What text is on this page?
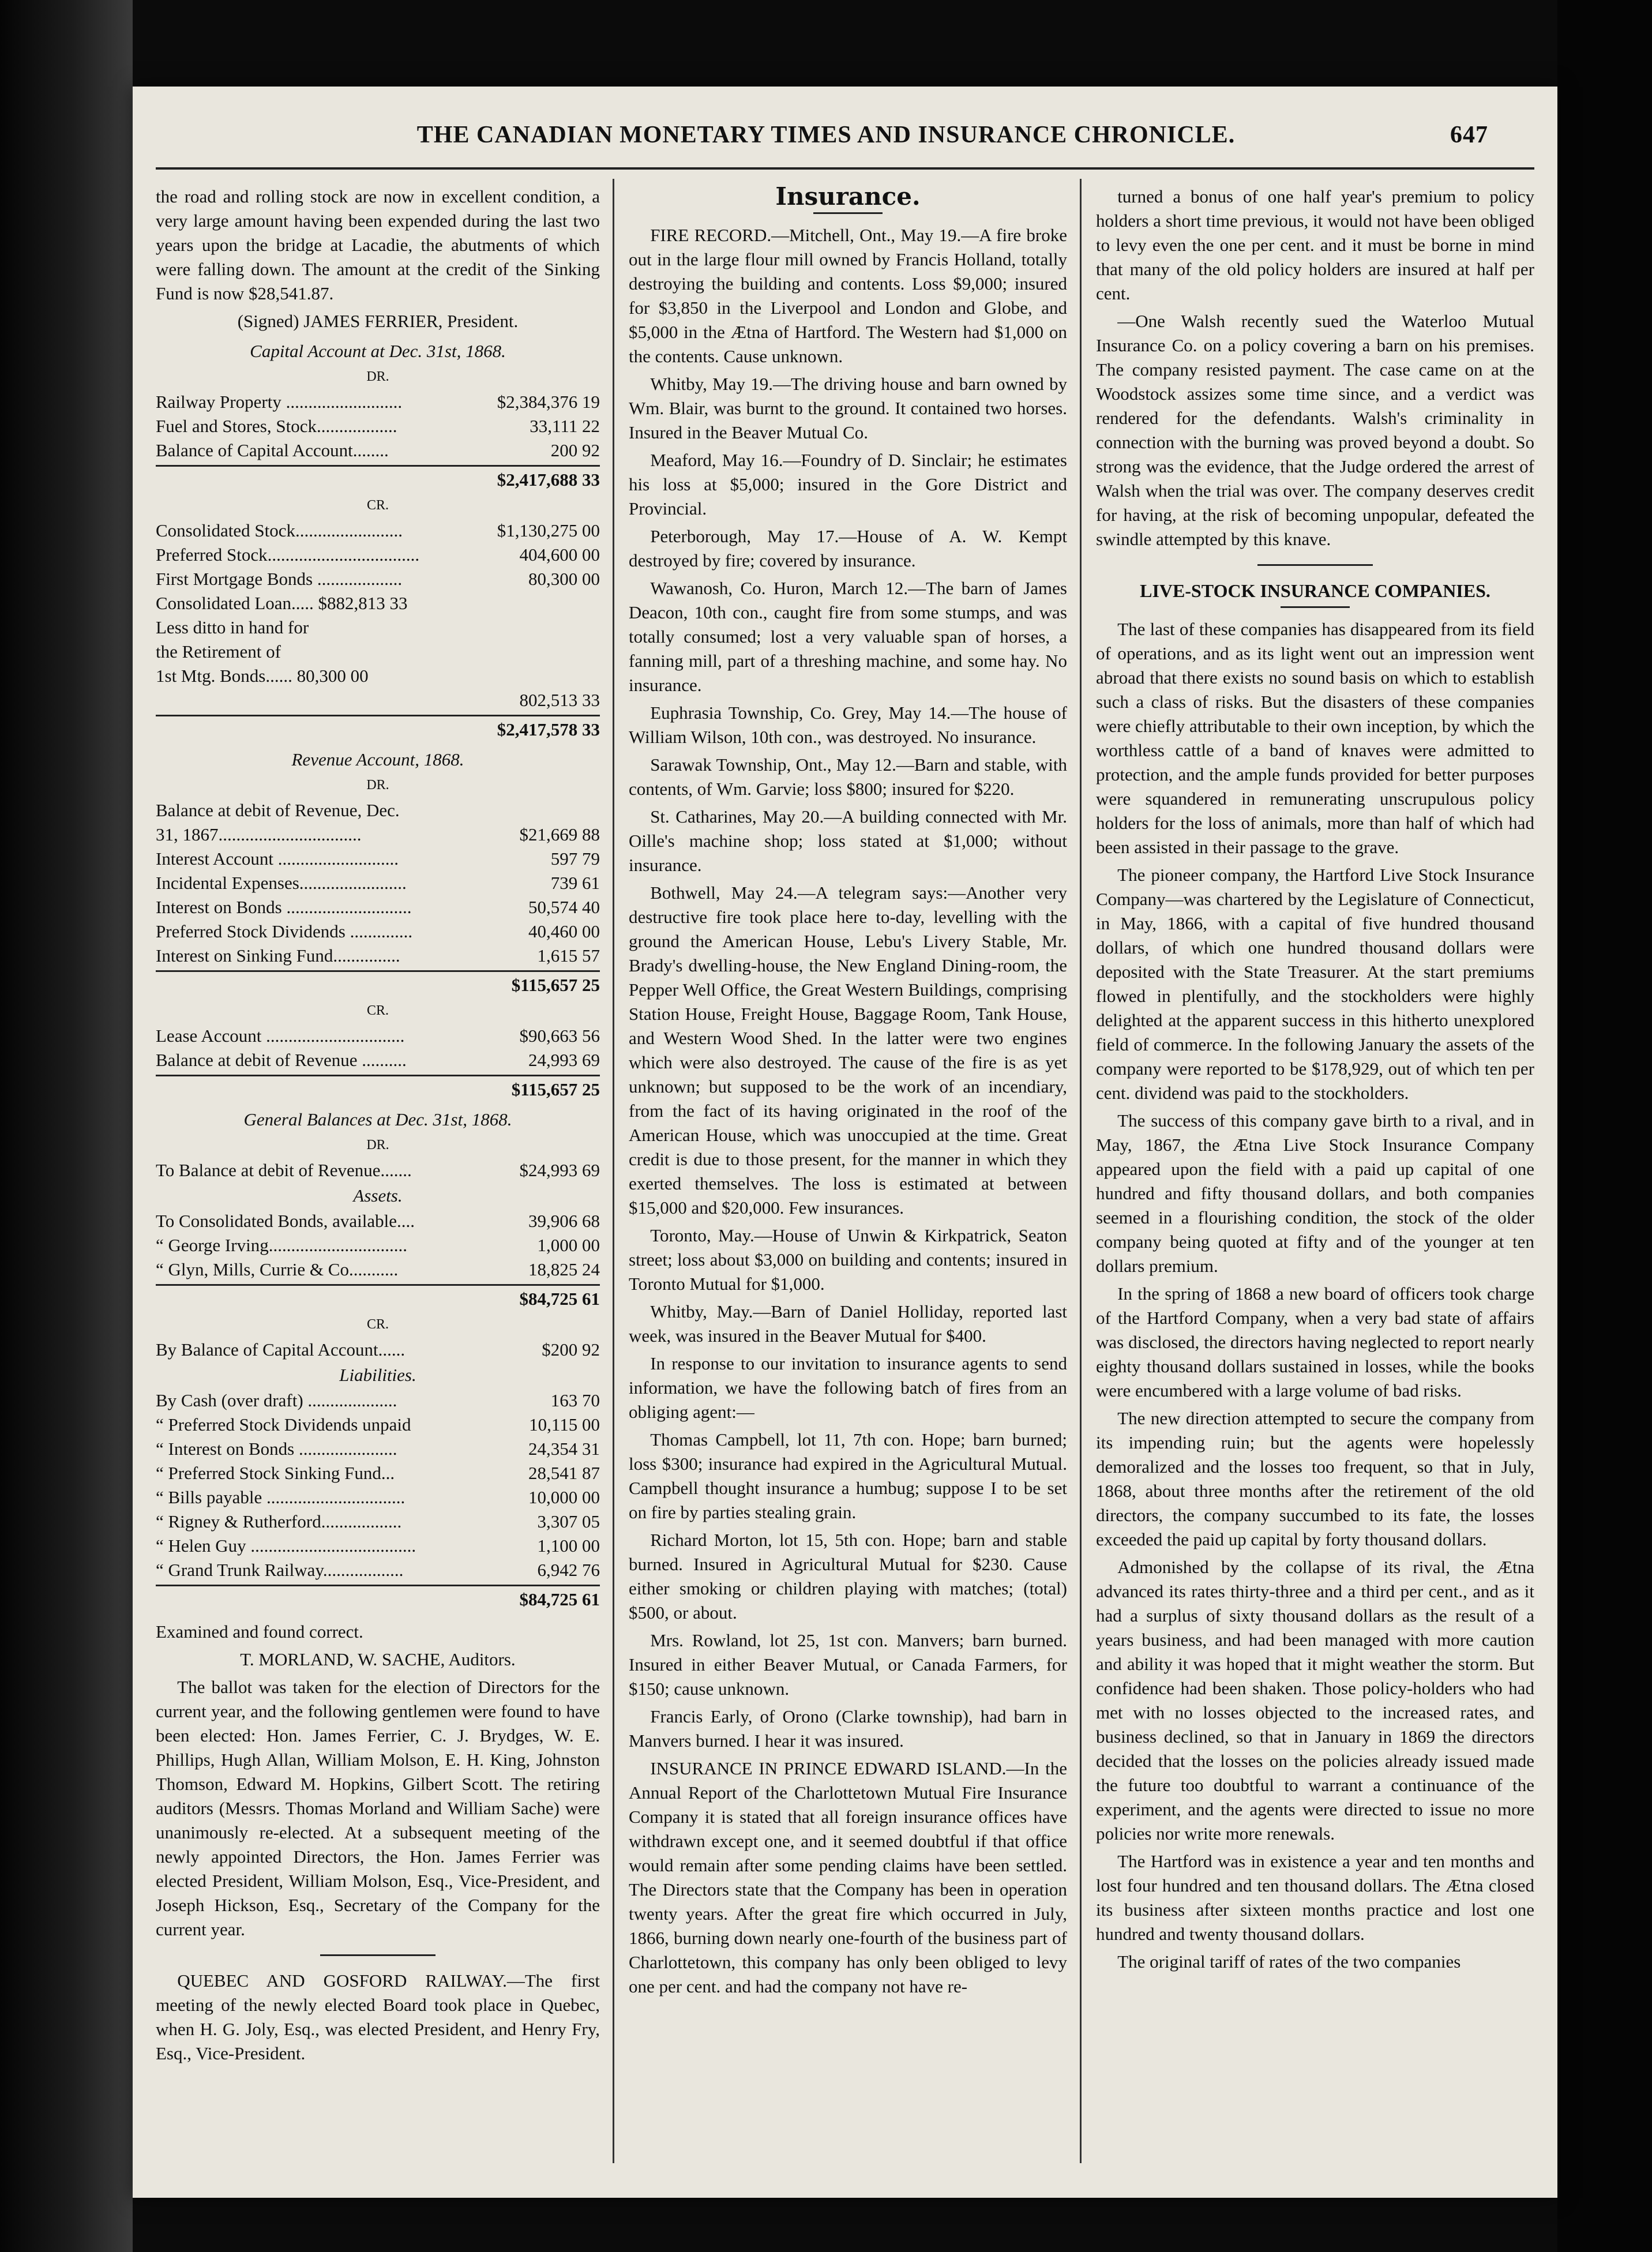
THE CANADIAN MONETARY TIMES AND INSURANCE CHRONICLE.	647

the road and rolling stock are now in excellent condition, a very large amount having been expended during the last two years upon the bridge at Lacadie, the abutments of which were falling down. The amount at the credit of the Sinking Fund is now $28,541.87.

(Signed) JAMES FERRIER, President.

Capital Account at Dec. 31st, 1868.
DR.
Railway Property ..........................	$2,384,376 19
Fuel and Stores, Stock..................	33,111 22
Balance of Capital Account........	200 92
$2,417,688 33
CR.
Consolidated Stock........................	$1,130,275 00
Preferred Stock..................................	404,600 00
First Mortgage Bonds ...................	80,300 00
Consolidated Loan..... $882,813 33
Less ditto in hand for
the Retirement of
1st Mtg. Bonds...... 80,300 00
802,513 33
$2,417,578 33
Revenue Account, 1868.
DR.
Balance at debit of Revenue, Dec.
31, 1867................................	$21,669 88
Interest Account ...........................	597 79
Incidental Expenses........................	739 61
Interest on Bonds ............................	50,574 40
Preferred Stock Dividends ..............	40,460 00
Interest on Sinking Fund...............	1,615 57
$115,657 25
CR.
Lease Account ...............................	$90,663 56
Balance at debit of Revenue ..........	24,993 69
$115,657 25
General Balances at Dec. 31st, 1868.
DR.
To Balance at debit of Revenue.......	$24,993 69
Assets.
To Consolidated Bonds, available....	39,906 68
“ George Irving...............................	1,000 00
“ Glyn, Mills, Currie & Co...........	18,825 24
$84,725 61
CR.
By Balance of Capital Account......	$200 92
Liabilities.
By Cash (over draft) ....................	163 70
“ Preferred Stock Dividends unpaid	10,115 00
“ Interest on Bonds ......................	24,354 31
“ Preferred Stock Sinking Fund...	28,541 87
“ Bills payable ...............................	10,000 00
“ Rigney & Rutherford..................	3,307 05
“ Helen Guy .....................................	1,100 00
“ Grand Trunk Railway..................	6,942 76
$84,725 61

Examined and found correct.

T. MORLAND, W. SACHE, Auditors.

The ballot was taken for the election of Directors for the current year, and the following gentlemen were found to have been elected: Hon. James Ferrier, C. J. Brydges, W. E. Phillips, Hugh Allan, William Molson, E. H. King, Johnston Thomson, Edward M. Hopkins, Gilbert Scott. The retiring auditors (Messrs. Thomas Morland and William Sache) were unanimously re-elected. At a subsequent meeting of the newly appointed Directors, the Hon. James Ferrier was elected President, William Molson, Esq., Vice-President, and Joseph Hickson, Esq., Secretary of the Company for the current year.

QUEBEC AND GOSFORD RAILWAY.—The first meeting of the newly elected Board took place in Quebec, when H. G. Joly, Esq., was elected President, and Henry Fry, Esq., Vice-President.

Insurance.

FIRE RECORD.—Mitchell, Ont., May 19.—A fire broke out in the large flour mill owned by Francis Holland, totally destroying the building and contents. Loss $9,000; insured for $3,850 in the Liverpool and London and Globe, and $5,000 in the Ætna of Hartford. The Western had $1,000 on the contents. Cause unknown.

Whitby, May 19.—The driving house and barn owned by Wm. Blair, was burnt to the ground. It contained two horses. Insured in the Beaver Mutual Co.

Meaford, May 16.—Foundry of D. Sinclair; he estimates his loss at $5,000; insured in the Gore District and Provincial.

Peterborough, May 17.—House of A. W. Kempt destroyed by fire; covered by insurance.

Wawanosh, Co. Huron, March 12.—The barn of James Deacon, 10th con., caught fire from some stumps, and was totally consumed; lost a very valuable span of horses, a fanning mill, part of a threshing machine, and some hay. No insurance.

Euphrasia Township, Co. Grey, May 14.—The house of William Wilson, 10th con., was destroyed. No insurance.

Sarawak Township, Ont., May 12.—Barn and stable, with contents, of Wm. Garvie; loss $800; insured for $220.

St. Catharines, May 20.—A building connected with Mr. Oille's machine shop; loss stated at $1,000; without insurance.

Bothwell, May 24.—A telegram says:—Another very destructive fire took place here to-day, levelling with the ground the American House, Lebu's Livery Stable, Mr. Brady's dwelling-house, the New England Dining-room, the Pepper Well Office, the Great Western Buildings, comprising Station House, Freight House, Baggage Room, Tank House, and Western Wood Shed. In the latter were two engines which were also destroyed. The cause of the fire is as yet unknown; but supposed to be the work of an incendiary, from the fact of its having originated in the roof of the American House, which was unoccupied at the time. Great credit is due to those present, for the manner in which they exerted themselves. The loss is estimated at between $15,000 and $20,000. Few insurances.

Toronto, May.—House of Unwin & Kirkpatrick, Seaton street; loss about $3,000 on building and contents; insured in Toronto Mutual for $1,000.

Whitby, May.—Barn of Daniel Holliday, reported last week, was insured in the Beaver Mutual for $400.

In response to our invitation to insurance agents to send information, we have the following batch of fires from an obliging agent:—

Thomas Campbell, lot 11, 7th con. Hope; barn burned; loss $300; insurance had expired in the Agricultural Mutual. Campbell thought insurance a humbug; suppose I to be set on fire by parties stealing grain.

Richard Morton, lot 15, 5th con. Hope; barn and stable burned. Insured in Agricultural Mutual for $230. Cause either smoking or children playing with matches; (total) $500, or about.

Mrs. Rowland, lot 25, 1st con. Manvers; barn burned. Insured in either Beaver Mutual, or Canada Farmers, for $150; cause unknown.

Francis Early, of Orono (Clarke township), had barn in Manvers burned. I hear it was insured.

INSURANCE IN PRINCE EDWARD ISLAND.—In the Annual Report of the Charlottetown Mutual Fire Insurance Company it is stated that all foreign insurance offices have withdrawn except one, and it seemed doubtful if that office would remain after some pending claims have been settled. The Directors state that the Company has been in operation twenty years. After the great fire which occurred in July, 1866, burning down nearly one-fourth of the business part of Charlottetown, this company has only been obliged to levy one per cent. and had the company not have re-

turned a bonus of one half year's premium to policy holders a short time previous, it would not have been obliged to levy even the one per cent. and it must be borne in mind that many of the old policy holders are insured at half per cent.

—One Walsh recently sued the Waterloo Mutual Insurance Co. on a policy covering a barn on his premises. The company resisted payment. The case came on at the Woodstock assizes some time since, and a verdict was rendered for the defendants. Walsh's criminality in connection with the burning was proved beyond a doubt. So strong was the evidence, that the Judge ordered the arrest of Walsh when the trial was over. The company deserves credit for having, at the risk of becoming unpopular, defeated the swindle attempted by this knave.

LIVE-STOCK INSURANCE COMPANIES.

The last of these companies has disappeared from its field of operations, and as its light went out an impression went abroad that there exists no sound basis on which to establish such a class of risks. But the disasters of these companies were chiefly attributable to their own inception, by which the worthless cattle of a band of knaves were admitted to protection, and the ample funds provided for better purposes were squandered in remunerating unscrupulous policy holders for the loss of animals, more than half of which had been assisted in their passage to the grave.

The pioneer company, the Hartford Live Stock Insurance Company—was chartered by the Legislature of Connecticut, in May, 1866, with a capital of five hundred thousand dollars, of which one hundred thousand dollars were deposited with the State Treasurer. At the start premiums flowed in plentifully, and the stockholders were highly delighted at the apparent success in this hitherto unexplored field of commerce. In the following January the assets of the company were reported to be $178,929, out of which ten per cent. dividend was paid to the stockholders.

The success of this company gave birth to a rival, and in May, 1867, the Ætna Live Stock Insurance Company appeared upon the field with a paid up capital of one hundred and fifty thousand dollars, and both companies seemed in a flourishing condition, the stock of the older company being quoted at fifty and of the younger at ten dollars premium.

In the spring of 1868 a new board of officers took charge of the Hartford Company, when a very bad state of affairs was disclosed, the directors having neglected to report nearly eighty thousand dollars sustained in losses, while the books were encumbered with a large volume of bad risks.

The new direction attempted to secure the company from its impending ruin; but the agents were hopelessly demoralized and the losses too frequent, so that in July, 1868, about three months after the retirement of the old directors, the company succumbed to its fate, the losses exceeded the paid up capital by forty thousand dollars.

Admonished by the collapse of its rival, the Ætna advanced its rates thirty-three and a third per cent., and as it had a surplus of sixty thousand dollars as the result of a years business, and had been managed with more caution and ability it was hoped that it might weather the storm. But confidence had been shaken. Those policy-holders who had met with no losses objected to the increased rates, and business declined, so that in January in 1869 the directors decided that the losses on the policies already issued made the future too doubtful to warrant a continuance of the experiment, and the agents were directed to issue no more policies nor write more renewals.

The Hartford was in existence a year and ten months and lost four hundred and ten thousand dollars. The Ætna closed its business after sixteen months practice and lost one hundred and twenty thousand dollars.

The original tariff of rates of the two companies
